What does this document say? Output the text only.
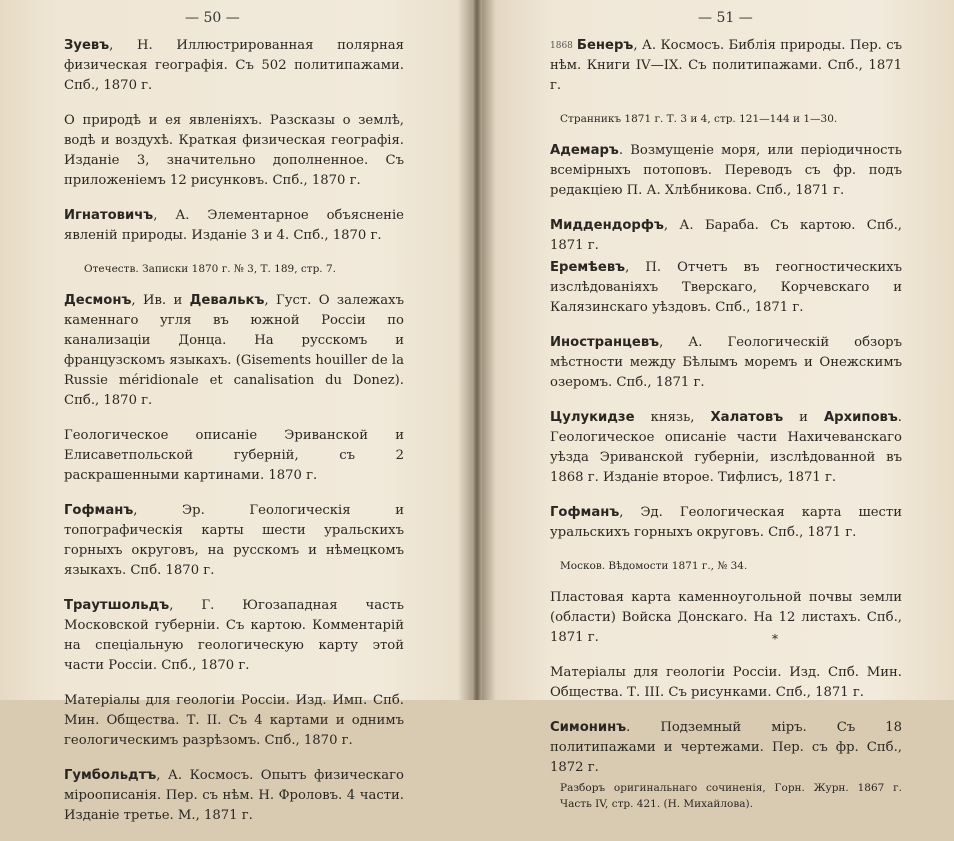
— 50 —
Зуевъ, Н. Иллюстрированная полярная физическая географія. Съ 502 политипажами. Спб., 1870 г.
О природѣ и ея явленіяхъ. Разсказы о землѣ, водѣ и воздухѣ. Краткая физическая географія. Изданіе 3, значительно дополненное. Съ приложеніемъ 12 рисунковъ. Спб., 1870 г.
Игнатовичъ, А. Элементарное объясненіе явленій природы. Изданіе 3 и 4. Спб., 1870 г.
Отечеств. Записки 1870 г. № 3, Т. 189, стр. 7.
Десмонъ, Ив. и Девалькъ, Густ. О залежахъ каменнаго угля въ южной Россіи по канализаціи Донца. На русскомъ и французскомъ языкахъ. (Gisements houiller de la Russie méridionale et canalisation du Donez). Спб., 1870 г.
Геологическое описаніе Эриванской и Елисаветпольской губерній, съ 2 раскрашенными картинами. 1870 г.
Гофманъ, Эр. Геологическія и топографическія карты шести уральскихъ горныхъ округовъ, на русскомъ и нѣмецкомъ языкахъ. Спб. 1870 г.
Траутшольдъ, Г. Югозападная часть Московской губерніи. Съ картою. Комментарій на спеціальную геологическую карту этой части Россіи. Спб., 1870 г.
Матеріалы для геологіи Россіи. Изд. Имп. Спб. Мин. Общества. Т. II. Съ 4 картами и однимъ геологическимъ разрѣзомъ. Спб., 1870 г.
Гумбольдтъ, А. Космосъ. Опытъ физическаго міроописанія. Пер. съ нѣм. Н. Фроловъ. 4 части. Изданіе третье. М., 1871 г.
— 51 —
$^{1868}$ Бенеръ, А. Космосъ. Библія природы. Пер. съ нѣм. Книги IV—IX. Съ политипажами. Спб., 1871 г.
Странникъ 1871 г. Т. 3 и 4, стр. 121—144 и 1—30.
Адемаръ. Возмущеніе моря, или періодичность всемірныхъ потоповъ. Переводъ съ фр. подъ редакціею П. А. Хлѣбникова. Спб., 1871 г.
Миддендорфъ, А. Бараба. Съ картою. Спб., 1871 г.
Еремѣевъ, П. Отчетъ въ геогностическихъ изслѣдованіяхъ Тверскаго, Корчевскаго и Калязинскаго уѣздовъ. Спб., 1871 г.
Иностранцевъ, А. Геологическій обзоръ мѣстности между Бѣлымъ моремъ и Онежскимъ озеромъ. Спб., 1871 г.
Цулукидзе князь, Халатовъ и Архиповъ. Геологическое описаніе части Нахичеванскаго уѣзда Эриванской губерніи, изслѣдованной въ 1868 г. Изданіе второе. Тифлисъ, 1871 г.
Гофманъ, Эд. Геологическая карта шести уральскихъ горныхъ округовъ. Спб., 1871 г.
Москов. Вѣдомости 1871 г., № 34.
Пластовая карта каменноугольной почвы земли (области) Войска Донскаго. На 12 листахъ. Спб., 1871 г.
Матеріалы для геологіи Россіи. Изд. Спб. Мин. Общества. Т. III. Съ рисунками. Спб., 1871 г.
Симонинъ. Подземный міръ. Съ 18 политипажами и чертежами. Пер. съ фр. Спб., 1872 г.
Разборъ оригинальнаго сочиненія, Горн. Журн. 1867 г. Часть IV, стр. 421. (Н. Михайлова).
*
